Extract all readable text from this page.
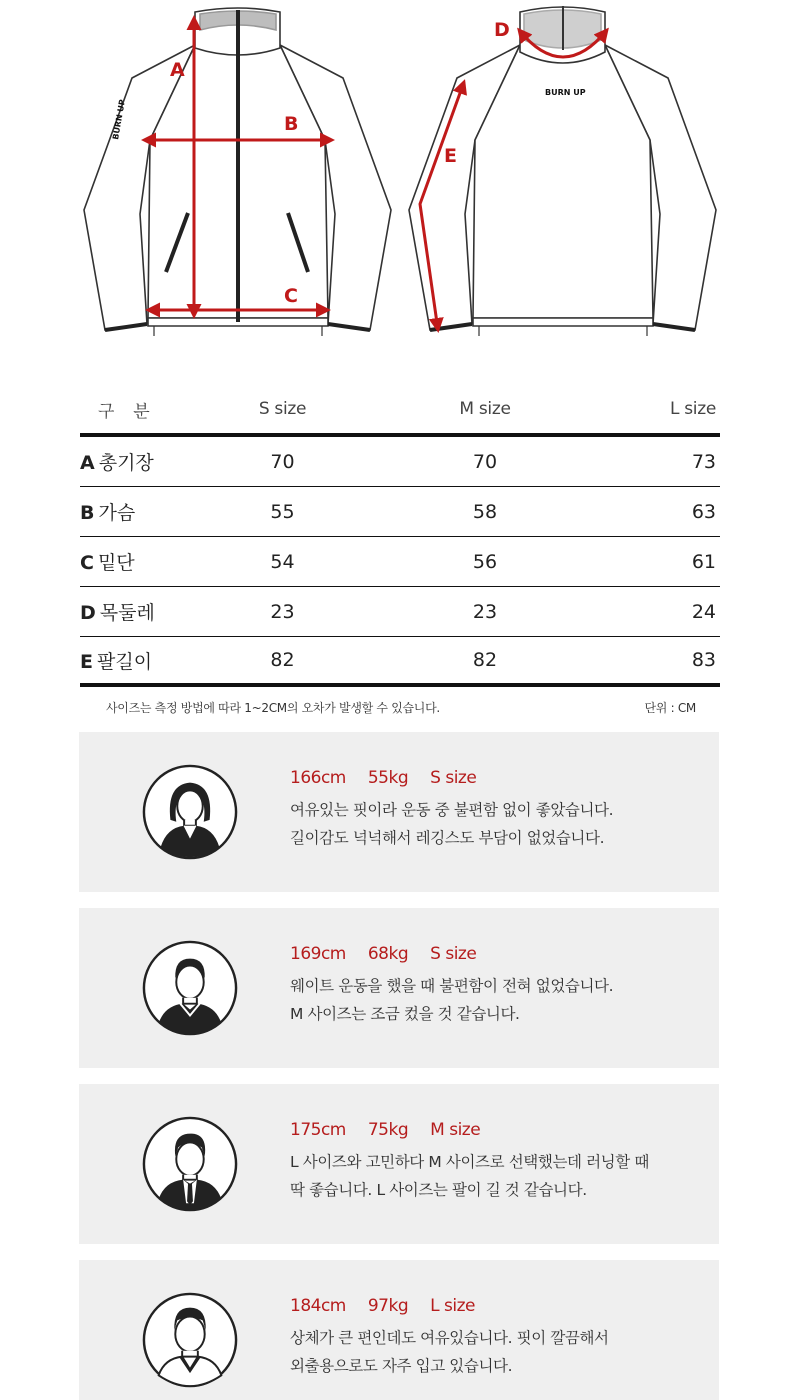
BURN UP
A
B
C
BURN UP
D
E
구 분	S size	M size	L size
A 총기장	70	70	73
B 가슴	55	58	63
C 밑단	54	56	61
D 목둘레	23	23	24
E 팔길이	82	82	83
사이즈는 측정 방법에 따라 1~2CM의 오차가 발생할 수 있습니다.	단위 : CM
166cm 55kg S size
여유있는 핏이라 운동 중 불편함 없이 좋았습니다.
길이감도 넉넉해서 레깅스도 부담이 없었습니다.
169cm 68kg S size
웨이트 운동을 했을 때 불편함이 전혀 없었습니다.
M 사이즈는 조금 컸을 것 같습니다.
175cm 75kg M size
L 사이즈와 고민하다 M 사이즈로 선택했는데 러닝할 때
딱 좋습니다. L 사이즈는 팔이 길 것 같습니다.
184cm 97kg L size
상체가 큰 편인데도 여유있습니다. 핏이 깔끔해서
외출용으로도 자주 입고 있습니다.
